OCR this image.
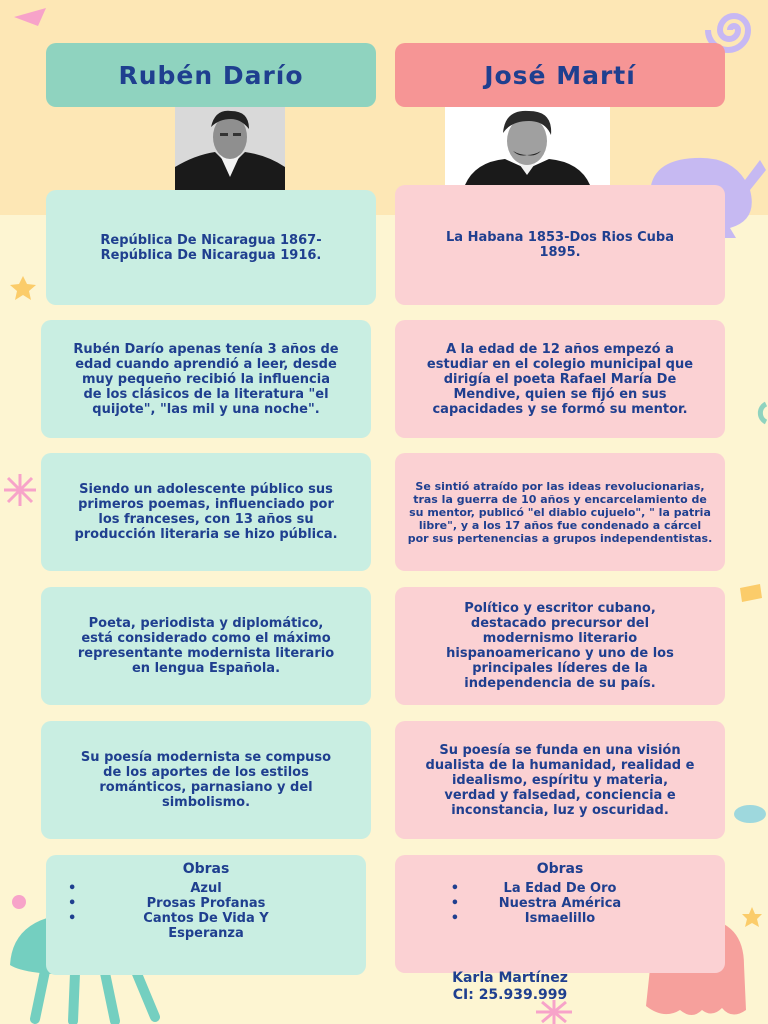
Rubén Darío	José Martí
República De Nicaragua 1867-República De Nicaragua 1916.
La Habana 1853-Dos Rios Cuba 1895.
Rubén Darío apenas tenía 3 años de edad cuando aprendió a leer, desde muy pequeño recibió la influencia de los clásicos de la literatura "el quijote", "las mil y una noche".
A la edad de 12 años empezó a estudiar en el colegio municipal que dirigía el poeta Rafael María De Mendive, quien se fijó en sus capacidades y se formó su mentor.
Siendo un adolescente público sus primeros poemas, influenciado por los franceses, con 13 años su producción literaria se hizo pública.
Se sintió atraído por las ideas revolucionarias, tras la guerra de 10 años y encarcelamiento de su mentor, publicó "el diablo cujuelo", " la patria libre", y a los 17 años fue condenado a cárcel por sus pertenencias a grupos independentistas.
Poeta, periodista y diplomático, está considerado como el máximo representante modernista literario en lengua Española.
Político y escritor cubano, destacado precursor del modernismo literario hispanoamericano y uno de los principales líderes de la independencia de su país.
Su poesía modernista se compuso de los aportes de los estilos románticos, parnasiano y del simbolismo.
Su poesía se funda en una visión dualista de la humanidad, realidad e idealismo, espíritu y materia, verdad y falsedad, conciencia e inconstancia, luz y oscuridad.
Obras
•	Azul
•	Prosas Profanas
•	Cantos De Vida Y Esperanza
Obras
•	La Edad De Oro
•	Nuestra América
•	Ismaelillo
Karla Martínez
CI: 25.939.999
